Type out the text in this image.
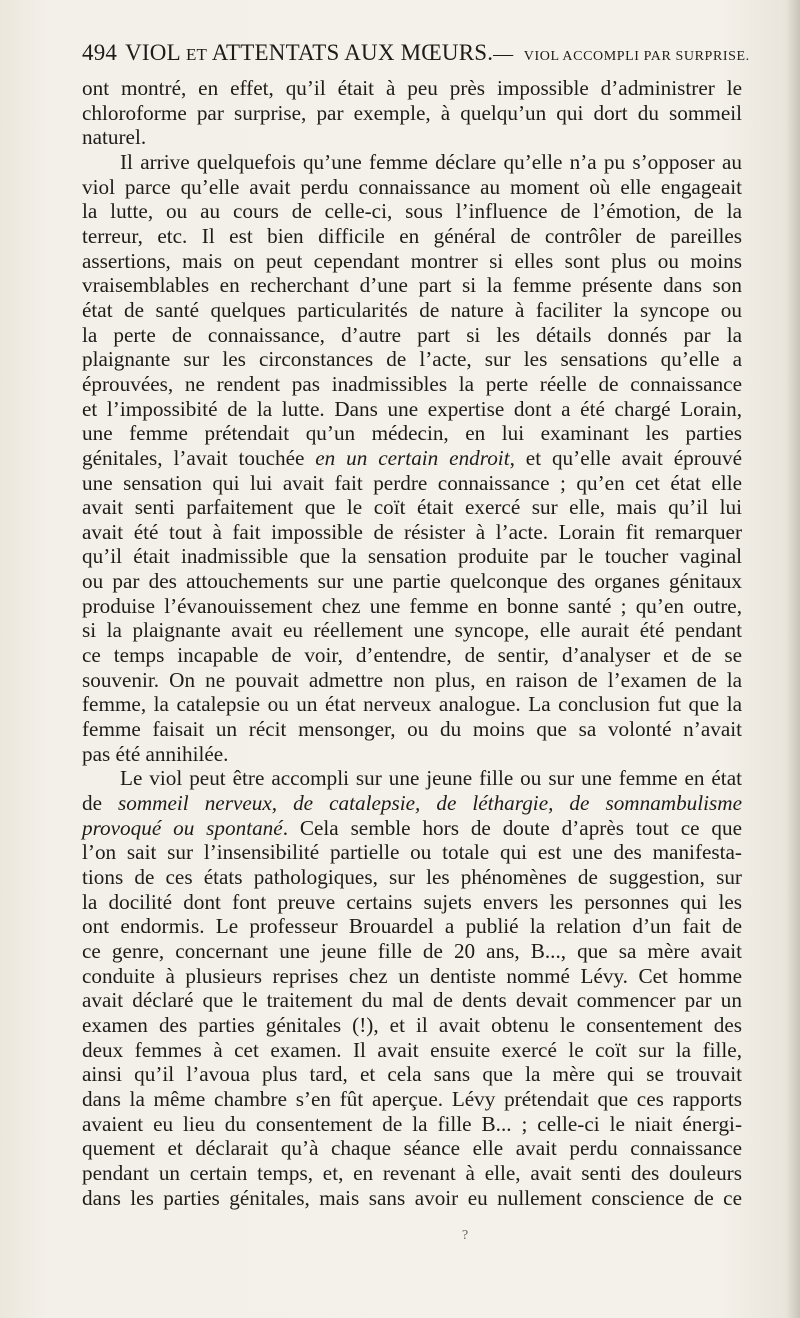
494 VIOL ET ATTENTATS AUX MŒURS. — VIOL ACCOMPLI PAR SURPRISE.
ont montré, en effet, qu’il était à peu près impossible d’administrer le
chloroforme par surprise, par exemple, à quelqu’un qui dort du sommeil
naturel.
Il arrive quelquefois qu’une femme déclare qu’elle n’a pu s’opposer au
viol parce qu’elle avait perdu connaissance au moment où elle engageait
la lutte, ou au cours de celle-ci, sous l’influence de l’émotion, de la
terreur, etc. Il est bien difficile en général de contrôler de pareilles
assertions, mais on peut cependant montrer si elles sont plus ou moins
vraisemblables en recherchant d’une part si la femme présente dans son
état de santé quelques particularités de nature à faciliter la syncope ou
la perte de connaissance, d’autre part si les détails donnés par la
plaignante sur les circonstances de l’acte, sur les sensations qu’elle a
éprouvées, ne rendent pas inadmissibles la perte réelle de connaissance
et l’impossibité de la lutte. Dans une expertise dont a été chargé Lorain,
une femme prétendait qu’un médecin, en lui examinant les parties
génitales, l’avait touchée en un certain endroit, et qu’elle avait éprouvé
une sensation qui lui avait fait perdre connaissance ; qu’en cet état elle
avait senti parfaitement que le coït était exercé sur elle, mais qu’il lui
avait été tout à fait impossible de résister à l’acte. Lorain fit remarquer
qu’il était inadmissible que la sensation produite par le toucher vaginal
ou par des attouchements sur une partie quelconque des organes génitaux
produise l’évanouissement chez une femme en bonne santé ; qu’en outre,
si la plaignante avait eu réellement une syncope, elle aurait été pendant
ce temps incapable de voir, d’entendre, de sentir, d’analyser et de se
souvenir. On ne pouvait admettre non plus, en raison de l’examen de la
femme, la catalepsie ou un état nerveux analogue. La conclusion fut que la
femme faisait un récit mensonger, ou du moins que sa volonté n’avait
pas été annihilée.
Le viol peut être accompli sur une jeune fille ou sur une femme en état
de sommeil nerveux, de catalepsie, de léthargie, de somnambulisme
provoqué ou spontané. Cela semble hors de doute d’après tout ce que
l’on sait sur l’insensibilité partielle ou totale qui est une des manifesta-
tions de ces états pathologiques, sur les phénomènes de suggestion, sur
la docilité dont font preuve certains sujets envers les personnes qui les
ont endormis. Le professeur Brouardel a publié la relation d’un fait de
ce genre, concernant une jeune fille de 20 ans, B..., que sa mère avait
conduite à plusieurs reprises chez un dentiste nommé Lévy. Cet homme
avait déclaré que le traitement du mal de dents devait commencer par un
examen des parties génitales (!), et il avait obtenu le consentement des
deux femmes à cet examen. Il avait ensuite exercé le coït sur la fille,
ainsi qu’il l’avoua plus tard, et cela sans que la mère qui se trouvait
dans la même chambre s’en fût aperçue. Lévy prétendait que ces rapports
avaient eu lieu du consentement de la fille B... ; celle-ci le niait énergi-
quement et déclarait qu’à chaque séance elle avait perdu connaissance
pendant un certain temps, et, en revenant à elle, avait senti des douleurs
dans les parties génitales, mais sans avoir eu nullement conscience de ce
?
